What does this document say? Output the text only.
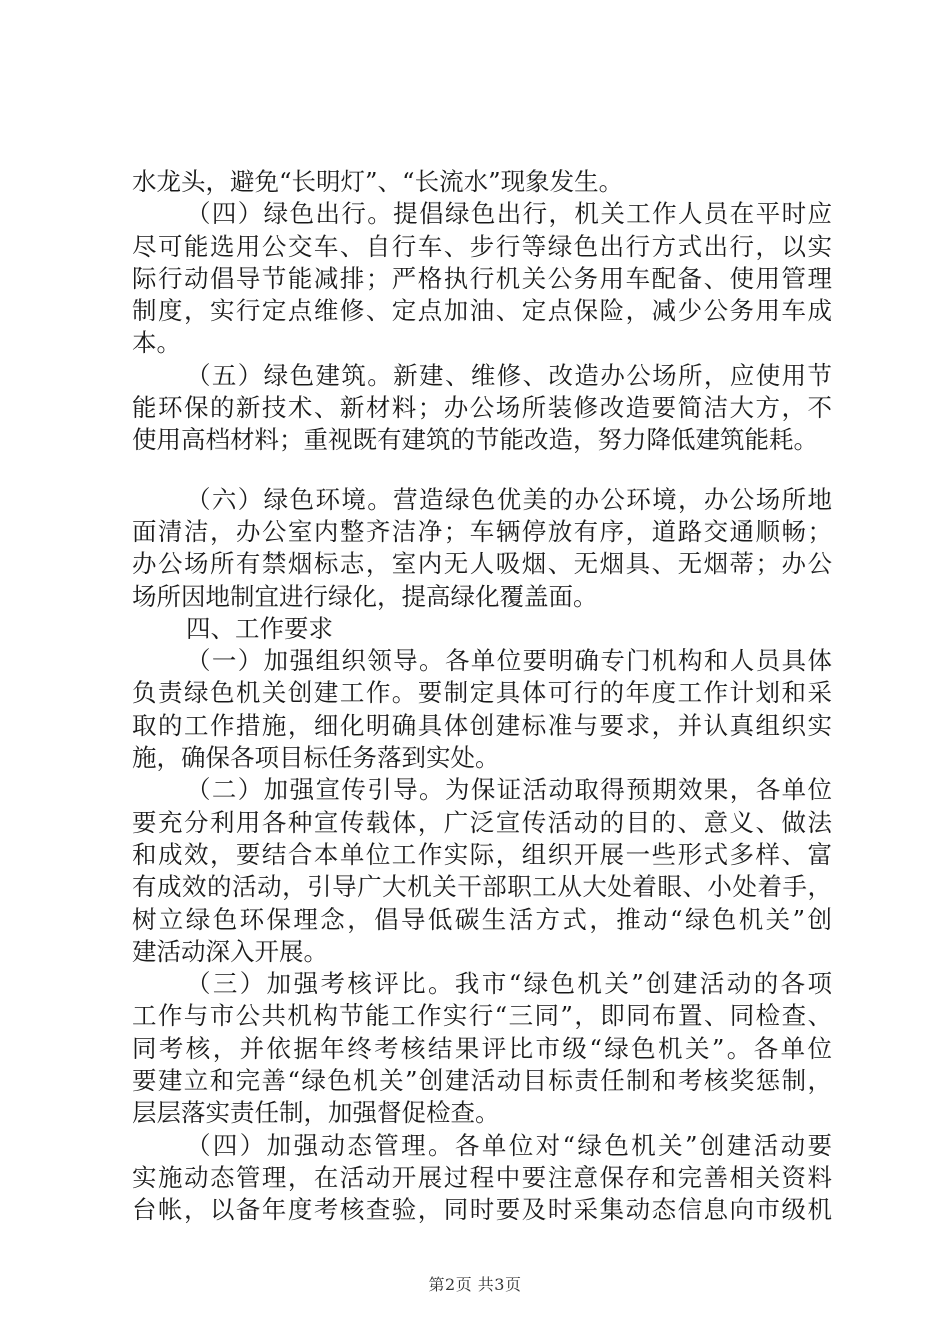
水龙头，避免“长明灯”、“长流水”现象发生。
（四）绿色出行。提倡绿色出行，机关工作人员在平时应
尽可能选用公交车、自行车、步行等绿色出行方式出行，以实
际行动倡导节能减排；严格执行机关公务用车配备、使用管理
制度，实行定点维修、定点加油、定点保险，减少公务用车成
本。
（五）绿色建筑。新建、维修、改造办公场所，应使用节
能环保的新技术、新材料；办公场所装修改造要简洁大方，不
使用高档材料；重视既有建筑的节能改造，努力降低建筑能耗。
（六）绿色环境。营造绿色优美的办公环境，办公场所地
面清洁，办公室内整齐洁净；车辆停放有序，道路交通顺畅；
办公场所有禁烟标志，室内无人吸烟、无烟具、无烟蒂；办公
场所因地制宜进行绿化，提高绿化覆盖面。
四、工作要求
（一）加强组织领导。各单位要明确专门机构和人员具体
负责绿色机关创建工作。要制定具体可行的年度工作计划和采
取的工作措施，细化明确具体创建标准与要求，并认真组织实
施，确保各项目标任务落到实处。
（二）加强宣传引导。为保证活动取得预期效果，各单位
要充分利用各种宣传载体，广泛宣传活动的目的、意义、做法
和成效，要结合本单位工作实际，组织开展一些形式多样、富
有成效的活动，引导广大机关干部职工从大处着眼、小处着手，
树立绿色环保理念，倡导低碳生活方式，推动“绿色机关”创
建活动深入开展。
（三）加强考核评比。我市“绿色机关”创建活动的各项
工作与市公共机构节能工作实行“三同”，即同布置、同检查、
同考核，并依据年终考核结果评比市级“绿色机关”。各单位
要建立和完善“绿色机关”创建活动目标责任制和考核奖惩制，
层层落实责任制，加强督促检查。
（四）加强动态管理。各单位对“绿色机关”创建活动要
实施动态管理，在活动开展过程中要注意保存和完善相关资料
台帐，以备年度考核查验，同时要及时采集动态信息向市级机
第2页 共3页
